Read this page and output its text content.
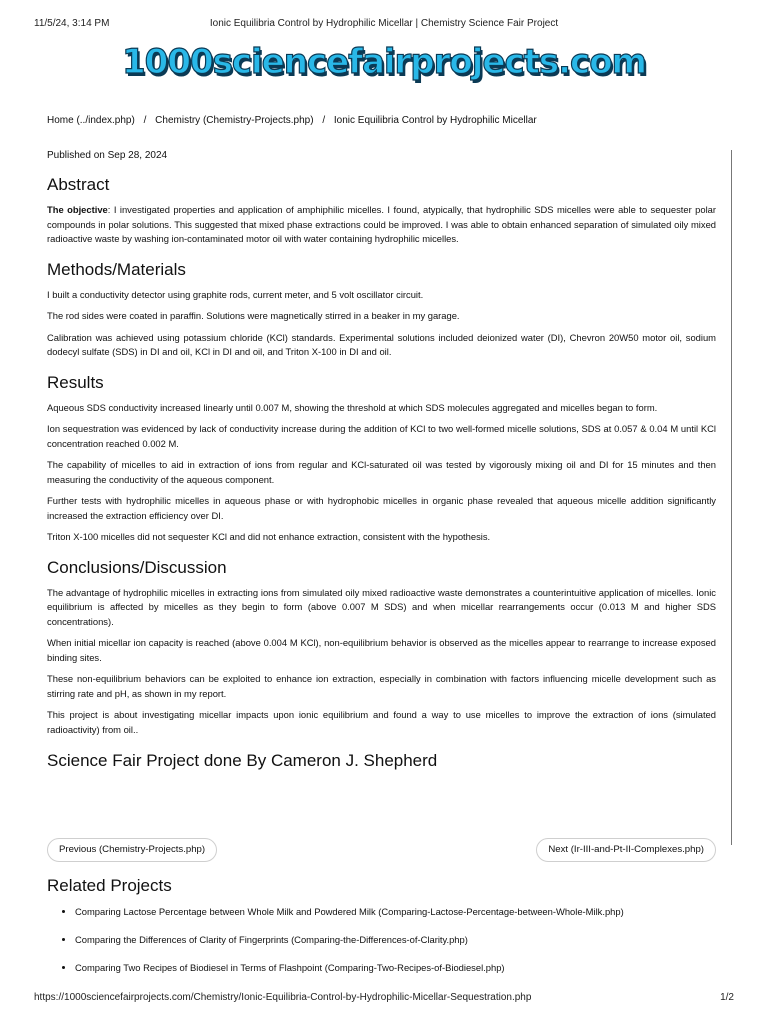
11/5/24, 3:14 PM	Ionic Equilibria Control by Hydrophilic Micellar | Chemistry Science Fair Project
1000sciencefairprojects.com
Home (../index.php) / Chemistry (Chemistry-Projects.php) / Ionic Equilibria Control by Hydrophilic Micellar
Published on Sep 28, 2024
Abstract

The objective: I investigated properties and application of amphiphilic micelles. I found, atypically, that hydrophilic SDS micelles were able to sequester polar compounds in polar solutions. This suggested that mixed phase extractions could be improved. I was able to obtain enhanced separation of simulated oily mixed radioactive waste by washing ion-contaminated motor oil with water containing hydrophilic micelles.

Methods/Materials

I built a conductivity detector using graphite rods, current meter, and 5 volt oscillator circuit.

The rod sides were coated in paraffin. Solutions were magnetically stirred in a beaker in my garage.

Calibration was achieved using potassium chloride (KCl) standards. Experimental solutions included deionized water (DI), Chevron 20W50 motor oil, sodium dodecyl sulfate (SDS) in DI and oil, KCl in DI and oil, and Triton X-100 in DI and oil.

Results

Aqueous SDS conductivity increased linearly until 0.007 M, showing the threshold at which SDS molecules aggregated and micelles began to form.

Ion sequestration was evidenced by lack of conductivity increase during the addition of KCl to two well-formed micelle solutions, SDS at 0.057 & 0.04 M until KCl concentration reached 0.002 M.

The capability of micelles to aid in extraction of ions from regular and KCl-saturated oil was tested by vigorously mixing oil and DI for 15 minutes and then measuring the conductivity of the aqueous component.

Further tests with hydrophilic micelles in aqueous phase or with hydrophobic micelles in organic phase revealed that aqueous micelle addition significantly increased the extraction efficiency over DI.

Triton X-100 micelles did not sequester KCl and did not enhance extraction, consistent with the hypothesis.

Conclusions/Discussion

The advantage of hydrophilic micelles in extracting ions from simulated oily mixed radioactive waste demonstrates a counterintuitive application of micelles. Ionic equilibrium is affected by micelles as they begin to form (above 0.007 M SDS) and when micellar rearrangements occur (0.013 M and higher SDS concentrations).

When initial micellar ion capacity is reached (above 0.004 M KCl), non-equilibrium behavior is observed as the micelles appear to rearrange to increase exposed binding sites.

These non-equilibrium behaviors can be exploited to enhance ion extraction, especially in combination with factors influencing micelle development such as stirring rate and pH, as shown in my report.

This project is about investigating micellar impacts upon ionic equilibrium and found a way to use micelles to improve the extraction of ions (simulated radioactivity) from oil..

Science Fair Project done By Cameron J. Shepherd
Previous (Chemistry-Projects.php)	Next (Ir-III-and-Pt-II-Complexes.php)
Related Projects
• Comparing Lactose Percentage between Whole Milk and Powdered Milk (Comparing-Lactose-Percentage-between-Whole-Milk.php)
• Comparing the Differences of Clarity of Fingerprints (Comparing-the-Differences-of-Clarity.php)
• Comparing Two Recipes of Biodiesel in Terms of Flashpoint (Comparing-Two-Recipes-of-Biodiesel.php)
https://1000sciencefairprojects.com/Chemistry/Ionic-Equilibria-Control-by-Hydrophilic-Micellar-Sequestration.php	1/2
